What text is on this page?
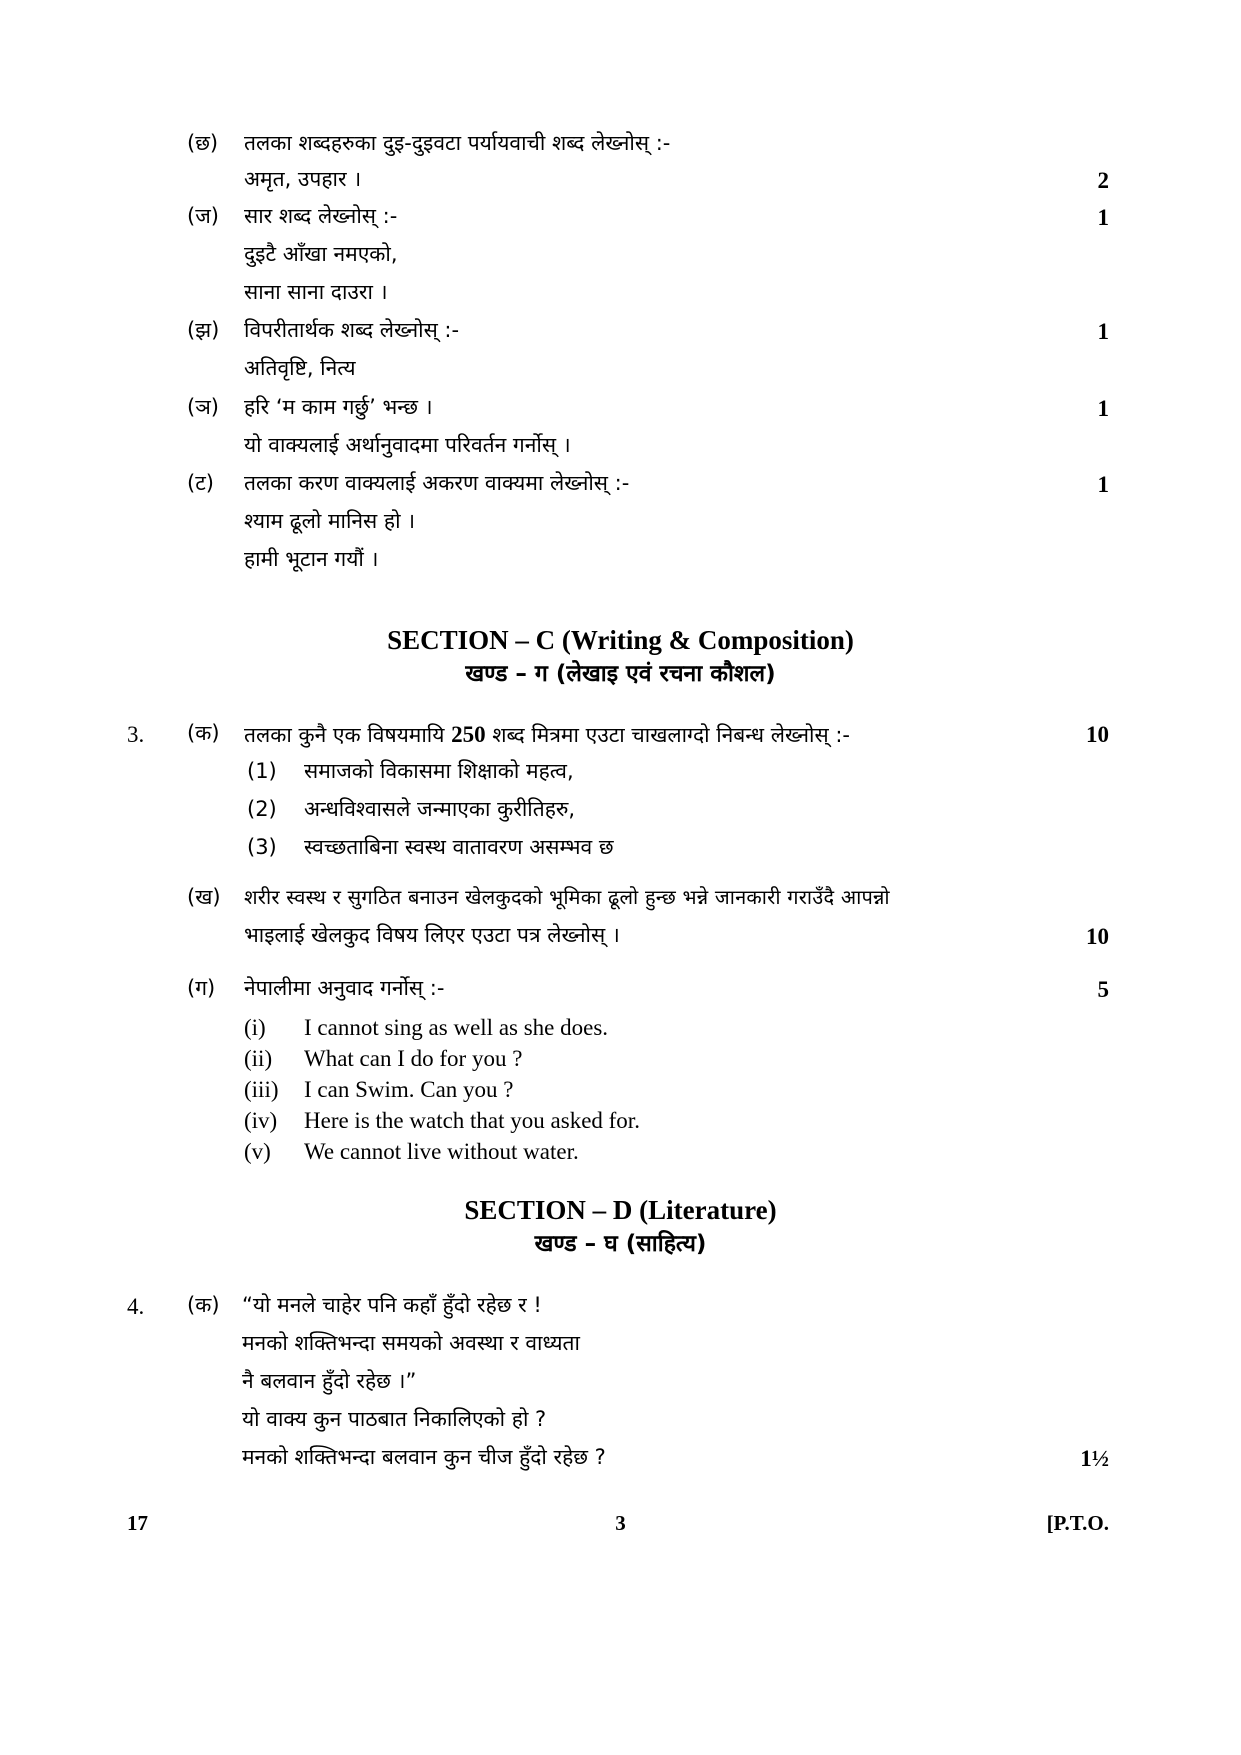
(छ) तलका शब्दहरुका दुइ-दुइवटा पर्यायवाची शब्द लेख्नोस् :-
अमृत, उपहार ।	2
(ज) सार शब्द लेख्नोस् :-	1
दुइटै आँखा नमएको,
साना साना दाउरा ।
(झ) विपरीतार्थक शब्द लेख्नोस् :-	1
अतिवृष्टि, नित्य
(ञ) हरि ‘म काम गर्छु’ भन्छ ।	1
यो वाक्यलाई अर्थानुवादमा परिवर्तन गर्नोस् ।
(ट) तलका करण वाक्यलाई अकरण वाक्यमा लेख्नोस् :-	1
श्याम ढूलो मानिस हो ।
हामी भूटान गयौं ।
SECTION – C (Writing & Composition)
खण्ड – ग (लेखाइ एवं रचना कौशल)
3. (क) तलका कुनै एक विषयमायि 250 शब्द मित्रमा एउटा चाखलाग्दो निबन्ध लेख्नोस् :-	10
(1) समाजको विकासमा शिक्षाको महत्व,
(2) अन्धविश्वासले जन्माएका कुरीतिहरु,
(3) स्वच्छताबिना स्वस्थ वातावरण असम्भव छ
(ख) शरीर स्वस्थ र सुगठित बनाउन खेलकुदको भूमिका ढूलो हुन्छ भन्ने जानकारी गराउँदै आपन्नो
भाइलाई खेलकुद विषय लिएर एउटा पत्र लेख्नोस् ।	10
(ग) नेपालीमा अनुवाद गर्नोस् :-	5
(i) I cannot sing as well as she does.
(ii) What can I do for you ?
(iii) I can Swim. Can you ?
(iv) Here is the watch that you asked for.
(v) We cannot live without water.
SECTION – D (Literature)
खण्ड – घ (साहित्य)
4. (क) “यो मनले चाहेर पनि कहाँ हुँदो रहेछ र !
मनको शक्तिभन्दा समयको अवस्था र वाध्यता
नै बलवान हुँदो रहेछ ।”
यो वाक्य कुन पाठबात निकालिएको हो ?
मनको शक्तिभन्दा बलवान कुन चीज हुँदो रहेछ ?	1½
17	3	[P.T.O.
